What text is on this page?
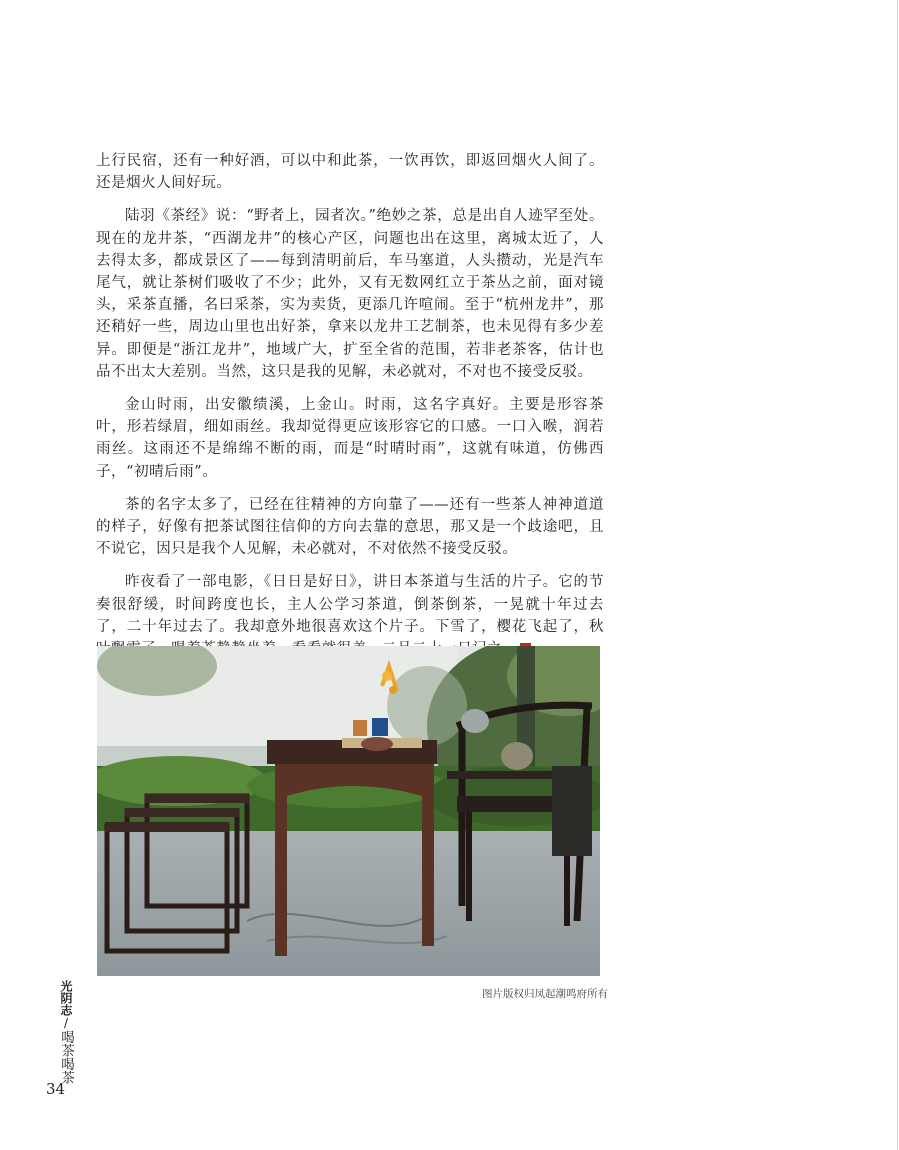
上行民宿，还有一种好酒，可以中和此茶，一饮再饮，即返回烟火人间了。还是烟火人间好玩。

陆羽《茶经》说：“野者上，园者次。”绝妙之茶，总是出自人迹罕至处。现在的龙井茶，“西湖龙井”的核心产区，问题也出在这里，离城太近了，人去得太多，都成景区了——每到清明前后，车马塞道，人头攒动，光是汽车尾气，就让茶树们吸收了不少；此外，又有无数网红立于茶丛之前，面对镜头，采茶直播，名曰采茶，实为卖货，更添几许喧闹。至于“杭州龙井”，那还稍好一些，周边山里也出好茶，拿来以龙井工艺制茶，也未见得有多少差异。即便是“浙江龙井”，地域广大，扩至全省的范围，若非老茶客，估计也品不出太大差别。当然，这只是我的见解，未必就对，不对也不接受反驳。

金山时雨，出安徽绩溪，上金山。时雨，这名字真好。主要是形容茶叶，形若绿眉，细如雨丝。我却觉得更应该形容它的口感。一口入喉，润若雨丝。这雨还不是绵绵不断的雨，而是“时晴时雨”，这就有味道，仿佛西子，“初晴后雨”。

茶的名字太多了，已经在往精神的方向靠了——还有一些茶人神神道道的样子，好像有把茶试图往信仰的方向去靠的意思，那又是一个歧途吧，且不说它，因只是我个人见解，未必就对，不对依然不接受反驳。

昨夜看了一部电影，《日日是好日》，讲日本茶道与生活的片子。它的节奏很舒缓，时间跨度也长，主人公学习茶道，倒茶倒茶，一晃就十年过去了，二十年过去了。我却意外地很喜欢这个片子。下雪了，樱花飞起了，秋

图片版权归凤起潮鸣府所有
光阴志/喝茶喝茶
34
